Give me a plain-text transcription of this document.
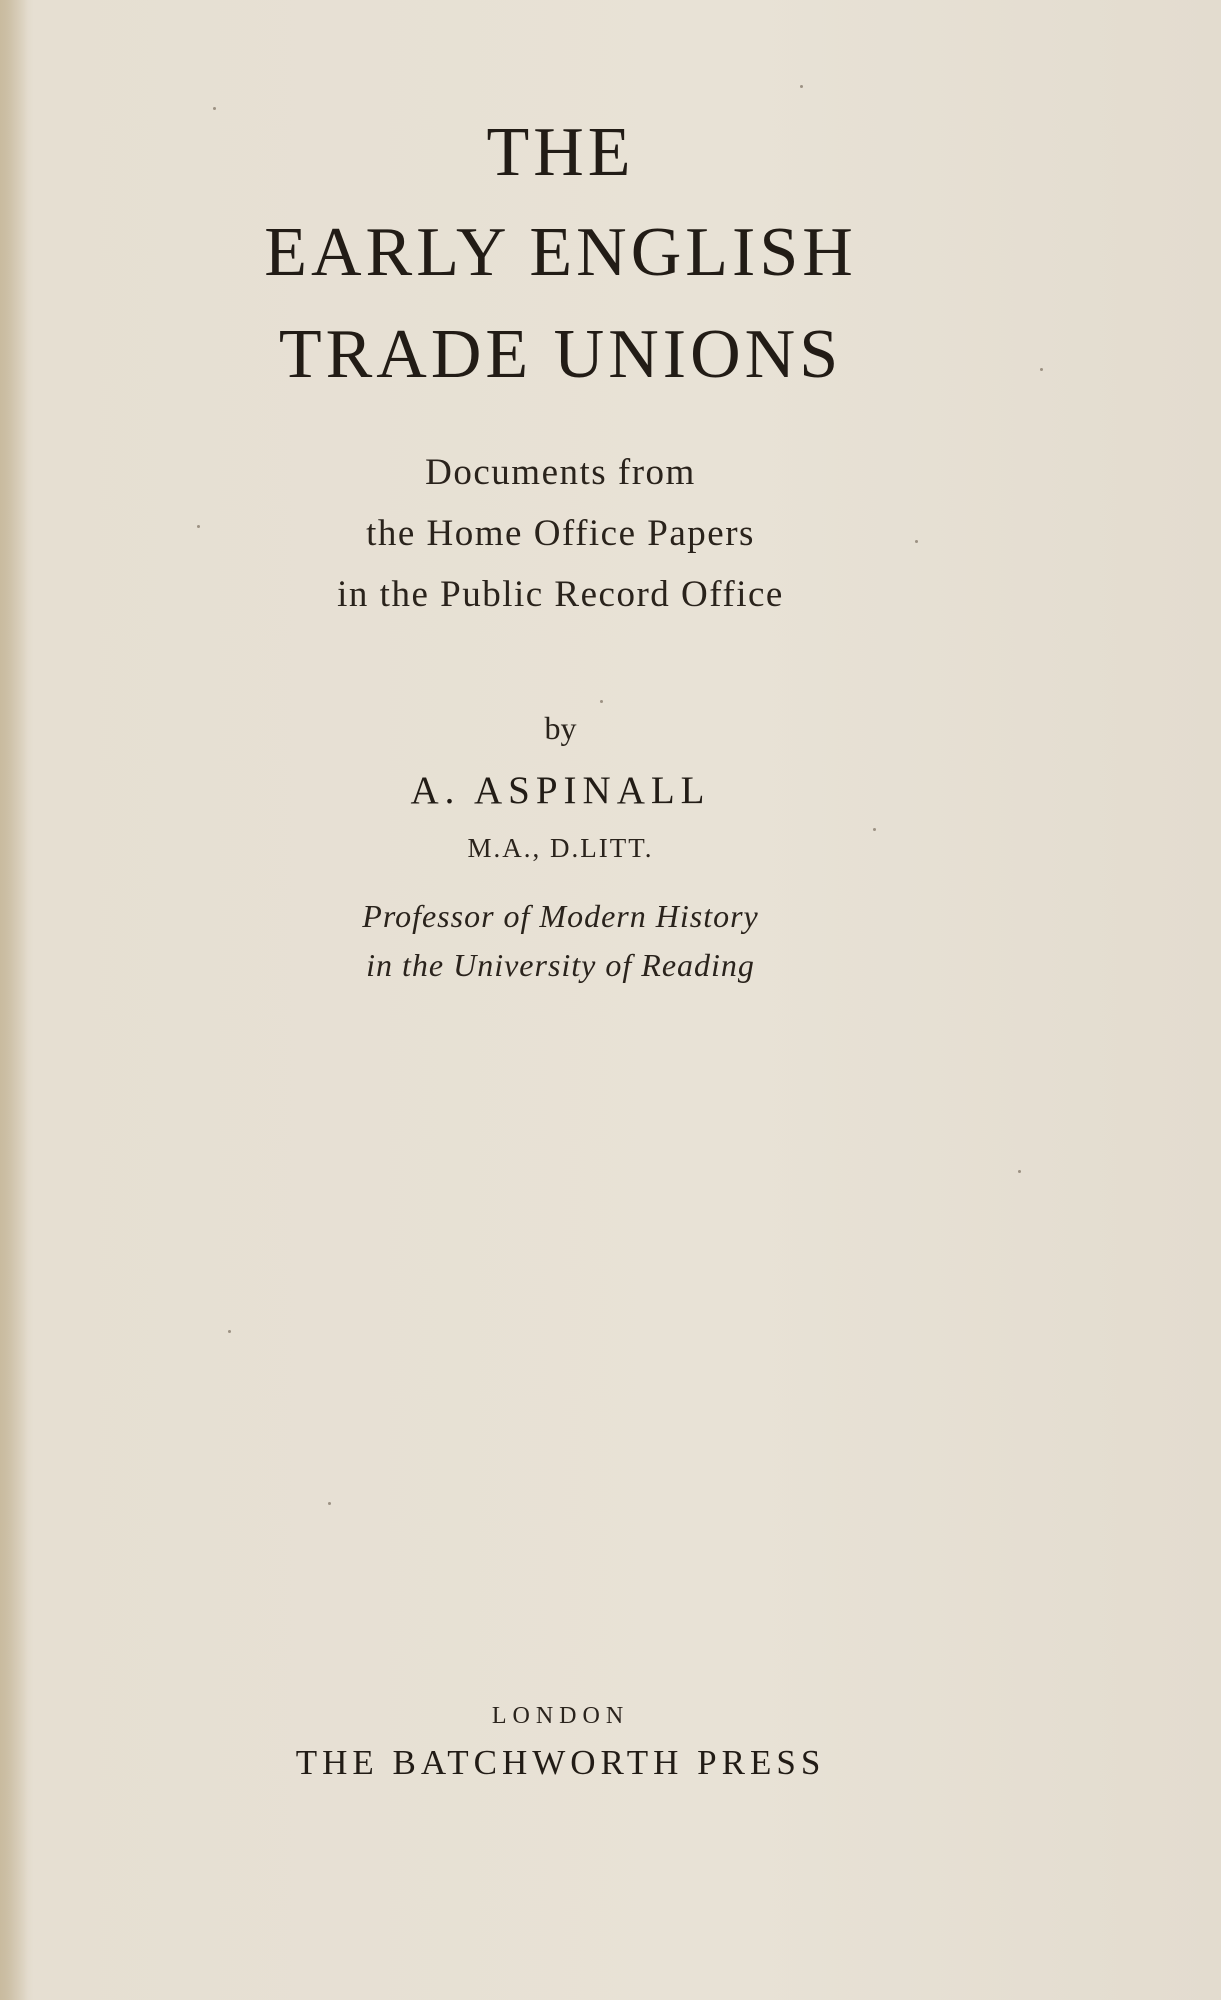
THE
EARLY ENGLISH
TRADE UNIONS
Documents from
the Home Office Papers
in the Public Record Office
by
A. ASPINALL
M.A., D.LITT.
Professor of Modern History
in the University of Reading
LONDON
THE BATCHWORTH PRESS
